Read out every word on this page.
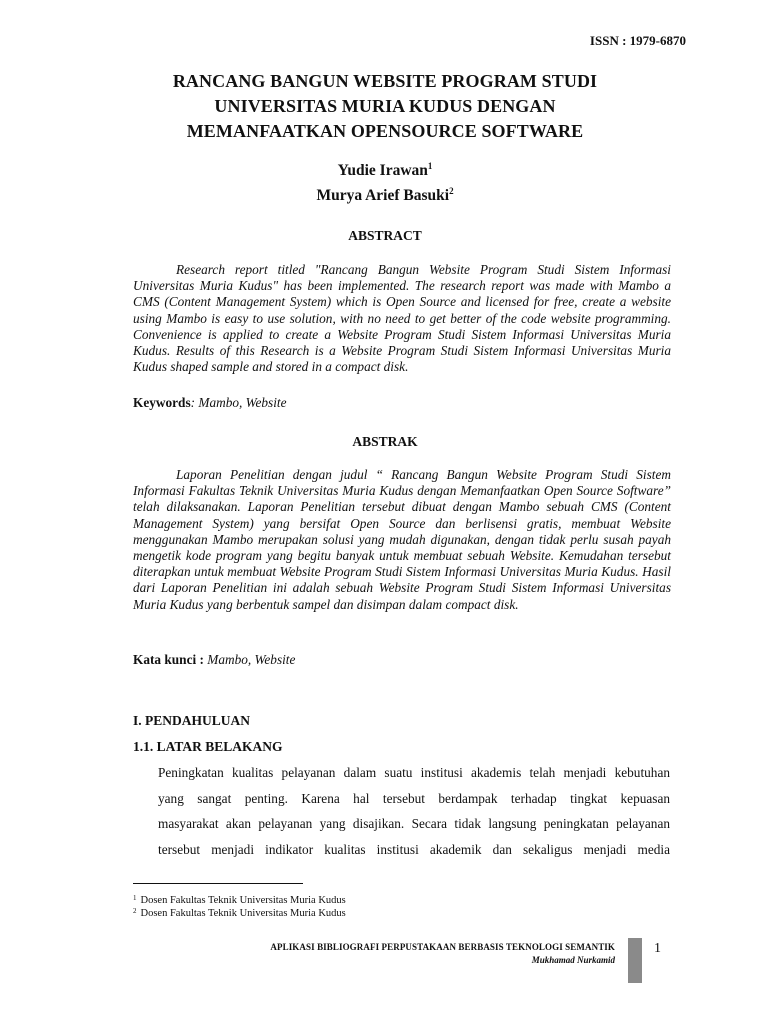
ISSN : 1979-6870
RANCANG BANGUN WEBSITE PROGRAM STUDI
UNIVERSITAS MURIA KUDUS DENGAN
MEMANFAATKAN OPENSOURCE SOFTWARE
Yudie Irawan$^1$
Murya Arief Basuki$^2$
ABSTRACT
Research report titled "Rancang Bangun Website Program Studi Sistem Informasi Universitas Muria Kudus" has been implemented. The research report was made with Mambo a CMS (Content Management System) which is Open Source and licensed for free, create a website using Mambo is easy to use solution, with no need to get better of the code website programming. Convenience is applied to create a Website Program Studi Sistem Informasi Universitas Muria Kudus. Results of this Research is a Website Program Studi Sistem Informasi Universitas Muria Kudus shaped sample and stored in a compact disk.
Keywords: Mambo, Website
ABSTRAK
Laporan Penelitian dengan judul “ Rancang Bangun Website Program Studi Sistem Informasi Fakultas Teknik Universitas Muria Kudus dengan Memanfaatkan Open Source Software” telah dilaksanakan. Laporan Penelitian tersebut dibuat dengan Mambo sebuah CMS (Content Management System) yang bersifat Open Source dan berlisensi gratis, membuat Website menggunakan Mambo merupakan solusi yang mudah digunakan, dengan tidak perlu susah payah mengetik kode program yang begitu banyak untuk membuat sebuah Website. Kemudahan tersebut diterapkan untuk membuat Website Program Studi Sistem Informasi Universitas Muria Kudus. Hasil dari Laporan Penelitian ini adalah sebuah Website Program Studi Sistem Informasi Universitas Muria Kudus yang berbentuk sampel dan disimpan dalam compact disk.
Kata kunci : Mambo, Website
I. PENDAHULUAN
1.1. LATAR BELAKANG
Peningkatan kualitas pelayanan dalam suatu institusi akademis telah menjadi kebutuhan
yang sangat penting. Karena hal tersebut berdampak terhadap tingkat kepuasan
masyarakat akan pelayanan yang disajikan. Secara tidak langsung peningkatan pelayanan
tersebut menjadi indikator kualitas institusi akademik dan sekaligus menjadi media
$^1$ Dosen Fakultas Teknik Universitas Muria Kudus
$^2$ Dosen Fakultas Teknik Universitas Muria Kudus
APLIKASI BIBLIOGRAFI PERPUSTAKAAN BERBASIS TEKNOLOGI SEMANTIK
Mukhamad Nurkamid
1
